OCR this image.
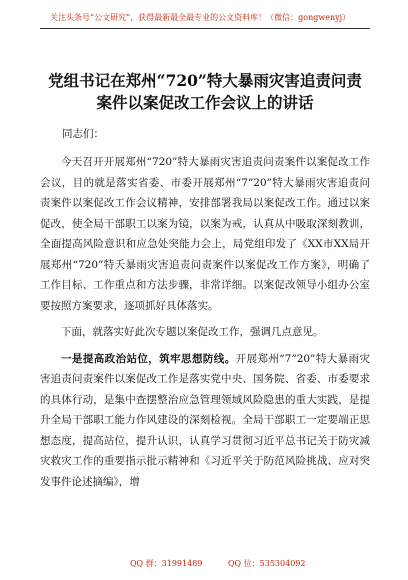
关注头条号“公文研究”，获得最新最全最专业的公文资料库！（微信：gongwenyj）
党组书记在郑州“720”特大暴雨灾害追责问责
案件以案促改工作会议上的讲话
同志们：

今天召开开展郑州“720”特大暴雨灾害追责问责案件以案促改工作会议，目的就是落实省委、市委开展郑州“7”20”特大暴雨灾害追责问责案件以案促改工作会议精神，安排部署我局以案促改工作。通过以案促改，使全局干部职工以案为镜，以案为戒，认真从中吸取深刻教训，全面提高风险意识和应急处突能力会上，局党组印发了《XX市XX局开展郑州“720”特夭暴雨灾害追责问责案件以案促改工作方案》，明确了工作目标、工作重点和方法步骤，非常详细。以案促改领导小组办公室要按照方案要求，逐项抓好具体落实。

下面，就落实好此次专题以案促改工作，强调几点意见。

一是提高政治站位，筑牢思想防线。开展郑州“7”20”特大暴雨灾害追责问责案件以案促改工作是落实党中央、国务院、省委、市委要求的具体行动，是集中查摆整治应急管理领域风险隐患的重大实践，是提升全局干部职工能力作风建设的深刻检视。全局干部职工一定要端正思想态度，提高站位，提升认识，认真学习贯彻习近平总书记关于防灾减灾救灾工作的重要指示批示精神和《习近平关于防范风险挑战、应对突发事件论述摘编》，增

QQ 群：31991489	QQ 位：535304092
